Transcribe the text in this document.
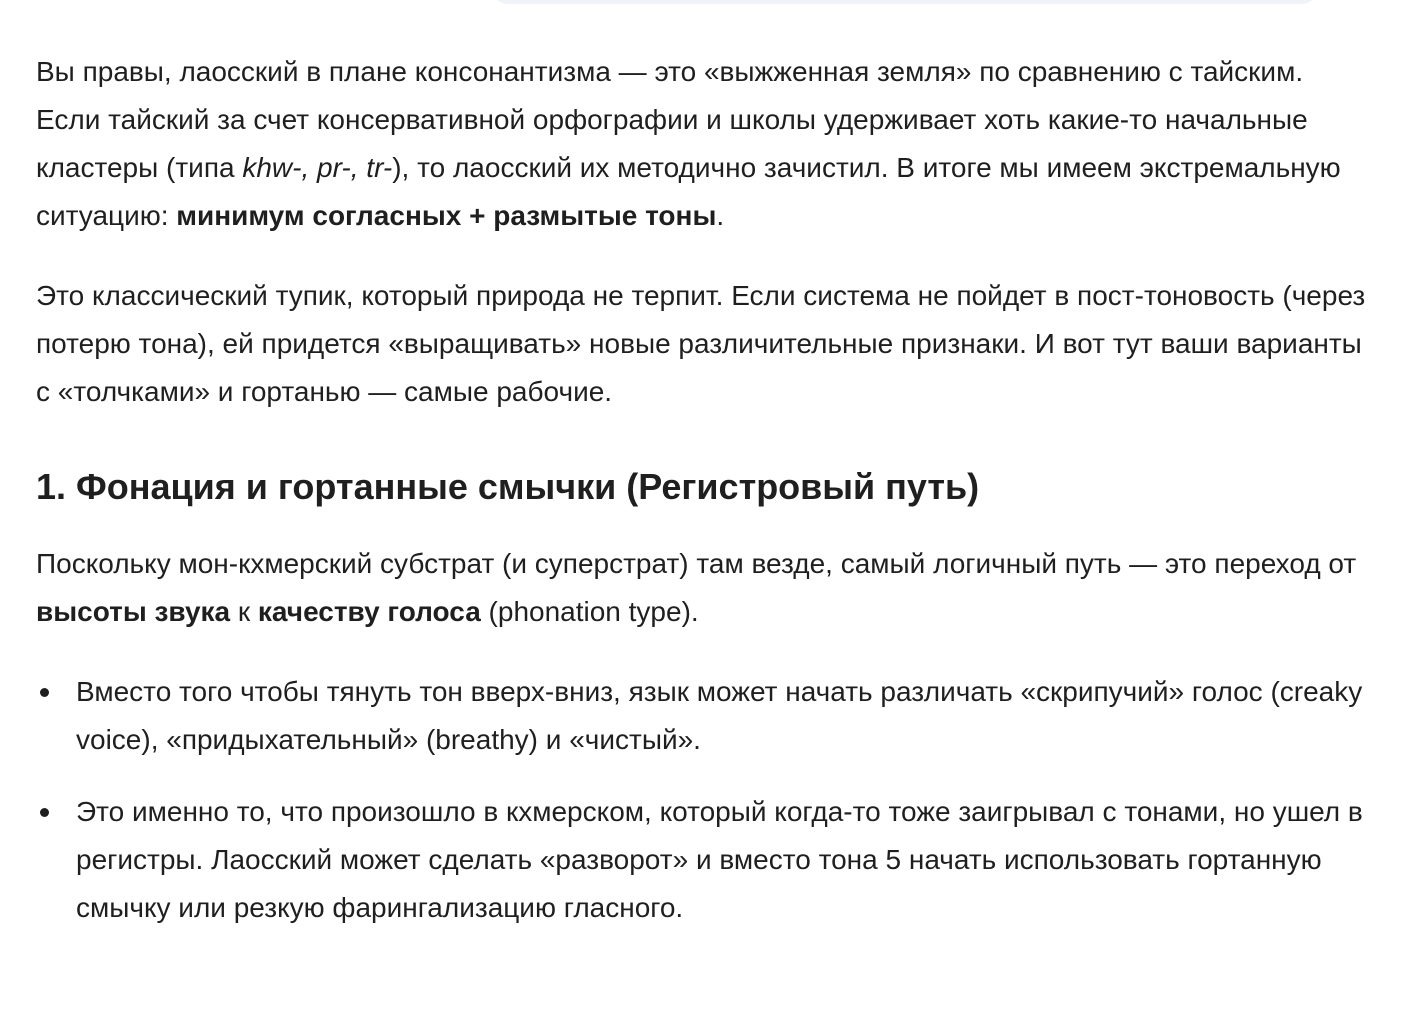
Вы правы, лаосский в плане консонантизма — это «выжженная земля» по сравнению с тайским. Если тайский за счет консервативной орфографии и школы удерживает хоть какие-то начальные кластеры (типа khw-, pr-, tr-), то лаосский их методично зачистил. В итоге мы имеем экстремальную ситуацию: минимум согласных + размытые тоны.

Это классический тупик, который природа не терпит. Если система не пойдет в пост-тоновость (через потерю тона), ей придется «выращивать» новые различительные признаки. И вот тут ваши варианты с «толчками» и гортанью — самые рабочие.

1. Фонация и гортанные смычки (Регистровый путь)

Поскольку мон-кхмерский субстрат (и суперстрат) там везде, самый логичный путь — это переход от высоты звука к качеству голоса (phonation type).

Вместо того чтобы тянуть тон вверх-вниз, язык может начать различать «скрипучий» голос (creaky voice), «придыхательный» (breathy) и «чистый».
Это именно то, что произошло в кхмерском, который когда-то тоже заигрывал с тонами, но ушел в регистры. Лаосский может сделать «разворот» и вместо тона 5 начать использовать гортанную смычку или резкую фарингализацию гласного.
